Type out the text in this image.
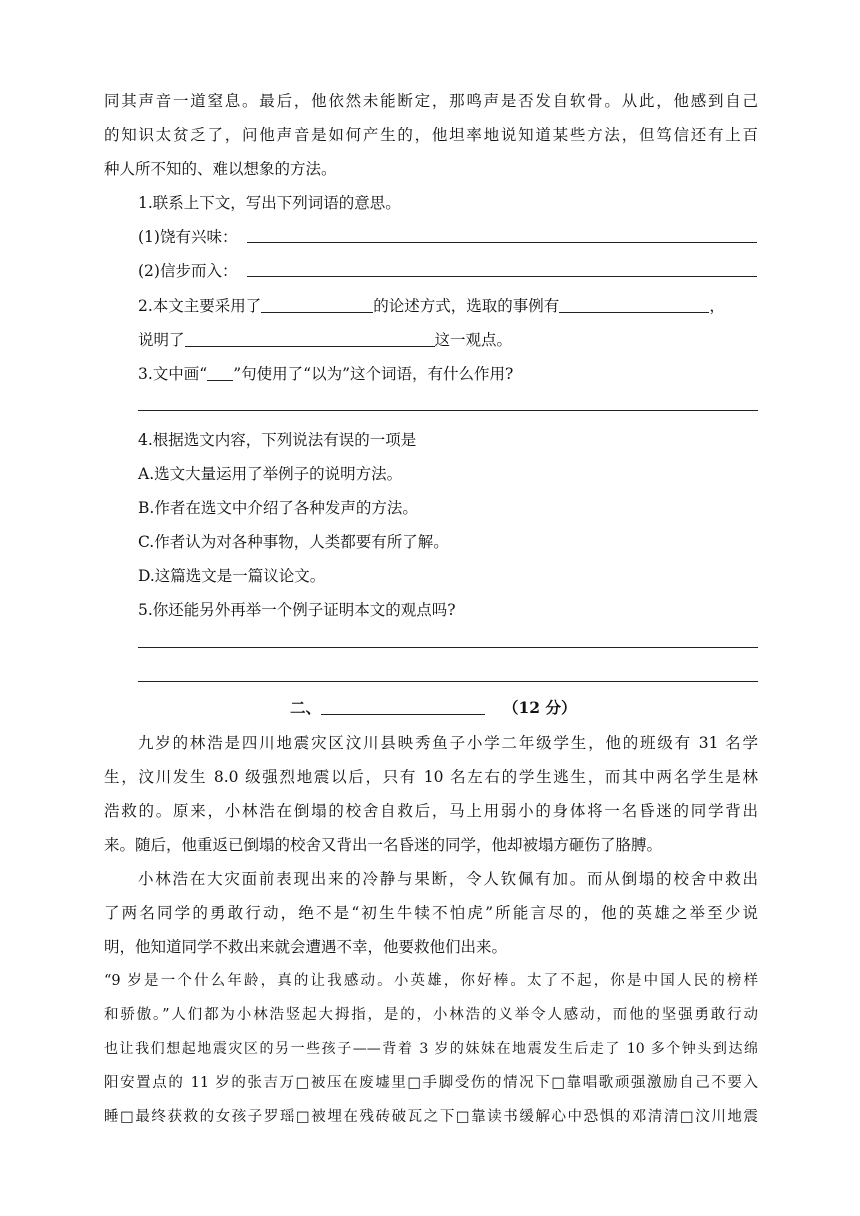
同其声音一道窒息。最后，他依然未能断定，那鸣声是否发自软骨。从此，他感到自己
的知识太贫乏了，问他声音是如何产生的，他坦率地说知道某些方法，但笃信还有上百
种人所不知的、难以想象的方法。
1.联系上下文，写出下列词语的意思。
(1)饶有兴味：
(2)信步而入：
2.本文主要采用了	的论述方式，选取的事例有	，
说明了	这一观点。
3.文中画“ ”句使用了“以为”这个词语，有什么作用?
4.根据选文内容，下列说法有误的一项是
A.选文大量运用了举例子的说明方法。
B.作者在选文中介绍了各种发声的方法。
C.作者认为对各种事物，人类都要有所了解。
D.这篇选文是一篇议论文。
5.你还能另外再举一个例子证明本文的观点吗?
二、	（12 分）
九岁的林浩是四川地震灾区汶川县映秀鱼子小学二年级学生，他的班级有 31 名学
生，汶川发生 8.0 级强烈地震以后，只有 10 名左右的学生逃生，而其中两名学生是林
浩救的。原来，小林浩在倒塌的校舍自救后，马上用弱小的身体将一名昏迷的同学背出
来。随后，他重返已倒塌的校舍又背出一名昏迷的同学，他却被塌方砸伤了胳膊。
小林浩在大灾面前表现出来的冷静与果断，令人钦佩有加。而从倒塌的校舍中救出
了两名同学的勇敢行动，绝不是“初生牛犊不怕虎”所能言尽的，他的英雄之举至少说
明，他知道同学不救出来就会遭遇不幸，他要救他们出来。
“9 岁是一个什么年龄，真的让我感动。小英雄，你好棒。太了不起，你是中国人民的榜样
和骄傲。”人们都为小林浩竖起大拇指，是的，小林浩的义举令人感动，而他的坚强勇敢行动
也让我们想起地震灾区的另一些孩子——背着 3 岁的妹妹在地震发生后走了 10 多个钟头到达绵
阳安置点的 11 岁的张吉万□被压在废墟里□手脚受伤的情况下□靠唱歌顽强激励自己不要入
睡□最终获救的女孩子罗瑶□被埋在残砖破瓦之下□靠读书缓解心中恐惧的邓清清□汶川地震
